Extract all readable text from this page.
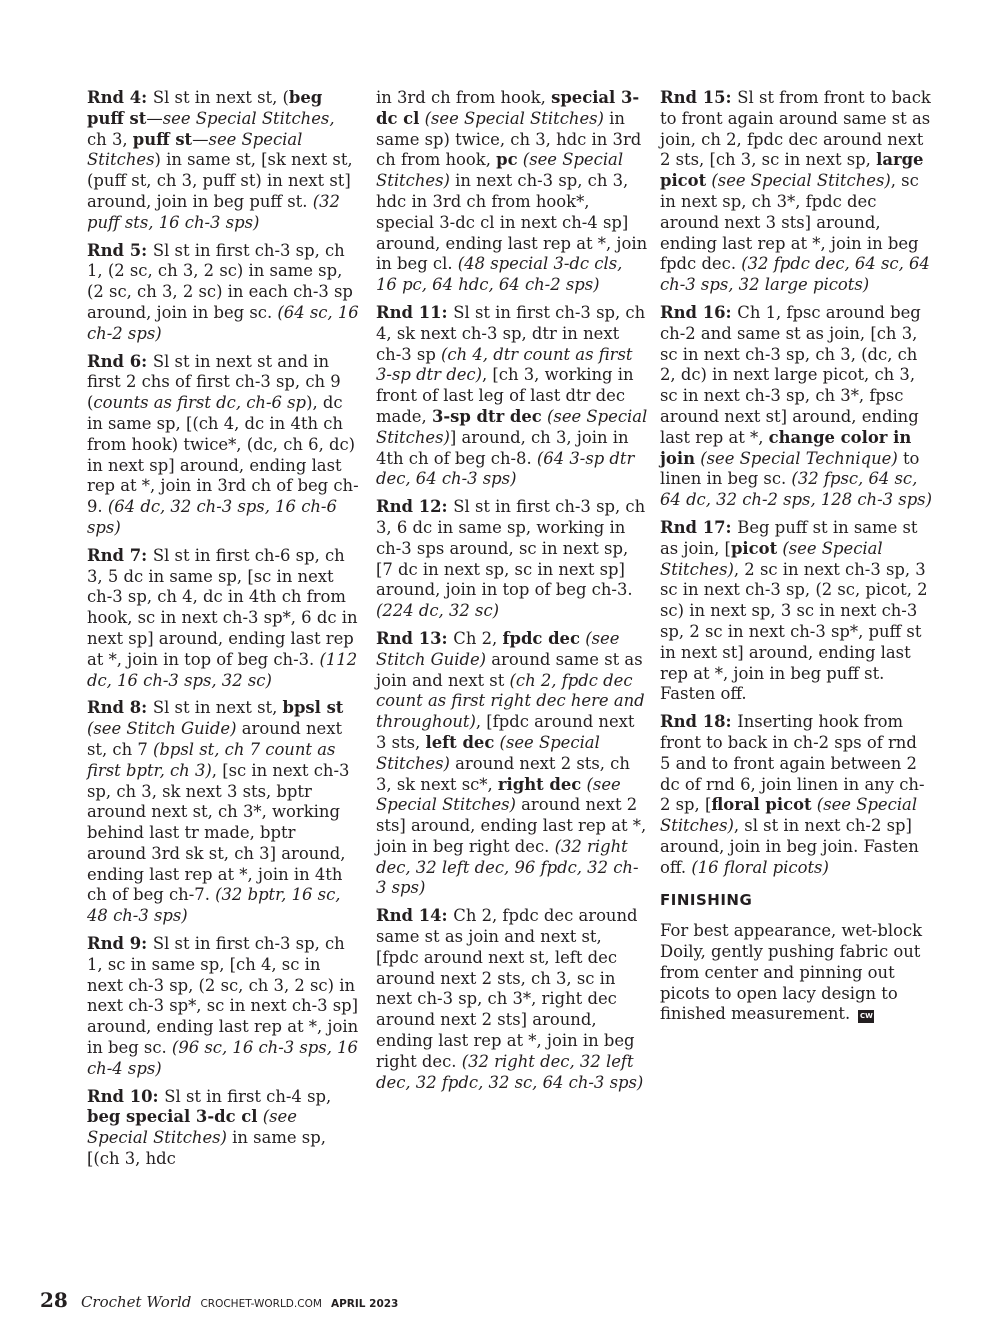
Rnd 4: Sl st in next st, (beg puff st—see Special Stitches, ch 3, puff st—see Special Stitches) in same st, [sk next st, (puff st, ch 3, puff st) in next st] around, join in beg puff st. (32 puff sts, 16 ch-3 sps)

Rnd 5: Sl st in first ch-3 sp, ch 1, (2 sc, ch 3, 2 sc) in same sp, (2 sc, ch 3, 2 sc) in each ch-3 sp around, join in beg sc. (64 sc, 16 ch-2 sps)

Rnd 6: Sl st in next st and in first 2 chs of first ch-3 sp, ch 9 (counts as first dc, ch-6 sp), dc in same sp, [(ch 4, dc in 4th ch from hook) twice*, (dc, ch 6, dc) in next sp] around, ending last rep at *, join in 3rd ch of beg ch-9. (64 dc, 32 ch-3 sps, 16 ch-6 sps)

Rnd 7: Sl st in first ch-6 sp, ch 3, 5 dc in same sp, [sc in next ch-3 sp, ch 4, dc in 4th ch from hook, sc in next ch-3 sp*, 6 dc in next sp] around, ending last rep at *, join in top of beg ch-3. (112 dc, 16 ch-3 sps, 32 sc)

Rnd 8: Sl st in next st, bpsl st (see Stitch Guide) around next st, ch 7 (bpsl st, ch 7 count as first bptr, ch 3), [sc in next ch-3 sp, ch 3, sk next 3 sts, bptr around next st, ch 3*, working behind last tr made, bptr around 3rd sk st, ch 3] around, ending last rep at *, join in 4th ch of beg ch-7. (32 bptr, 16 sc, 48 ch-3 sps)

Rnd 9: Sl st in first ch-3 sp, ch 1, sc in same sp, [ch 4, sc in next ch-3 sp, (2 sc, ch 3, 2 sc) in next ch-3 sp*, sc in next ch-3 sp] around, ending last rep at *, join in beg sc. (96 sc, 16 ch-3 sps, 16 ch-4 sps)

Rnd 10: Sl st in first ch-4 sp, beg special 3-dc cl (see Special Stitches) in same sp, [(ch 3, hdc

in 3rd ch from hook, special 3-dc cl (see Special Stitches) in same sp) twice, ch 3, hdc in 3rd ch from hook, pc (see Special Stitches) in next ch-3 sp, ch 3, hdc in 3rd ch from hook*, special 3-dc cl in next ch-4 sp] around, ending last rep at *, join in beg cl. (48 special 3-dc cls, 16 pc, 64 hdc, 64 ch-2 sps)

Rnd 11: Sl st in first ch-3 sp, ch 4, sk next ch-3 sp, dtr in next ch-3 sp (ch 4, dtr count as first 3-sp dtr dec), [ch 3, working in front of last leg of last dtr dec made, 3-sp dtr dec (see Special Stitches)] around, ch 3, join in 4th ch of beg ch-8. (64 3-sp dtr dec, 64 ch-3 sps)

Rnd 12: Sl st in first ch-3 sp, ch 3, 6 dc in same sp, working in ch-3 sps around, sc in next sp, [7 dc in next sp, sc in next sp] around, join in top of beg ch-3. (224 dc, 32 sc)

Rnd 13: Ch 2, fpdc dec (see Stitch Guide) around same st as join and next st (ch 2, fpdc dec count as first right dec here and throughout), [fpdc around next 3 sts, left dec (see Special Stitches) around next 2 sts, ch 3, sk next sc*, right dec (see Special Stitches) around next 2 sts] around, ending last rep at *, join in beg right dec. (32 right dec, 32 left dec, 96 fpdc, 32 ch-3 sps)

Rnd 14: Ch 2, fpdc dec around same st as join and next st, [fpdc around next st, left dec around next 2 sts, ch 3, sc in next ch-3 sp, ch 3*, right dec around next 2 sts] around, ending last rep at *, join in beg right dec. (32 right dec, 32 left dec, 32 fpdc, 32 sc, 64 ch-3 sps)

Rnd 15: Sl st from front to back to front again around same st as join, ch 2, fpdc dec around next 2 sts, [ch 3, sc in next sp, large picot (see Special Stitches), sc in next sp, ch 3*, fpdc dec around next 3 sts] around, ending last rep at *, join in beg fpdc dec. (32 fpdc dec, 64 sc, 64 ch-3 sps, 32 large picots)

Rnd 16: Ch 1, fpsc around beg ch-2 and same st as join, [ch 3, sc in next ch-3 sp, ch 3, (dc, ch 2, dc) in next large picot, ch 3, sc in next ch-3 sp, ch 3*, fpsc around next st] around, ending last rep at *, change color in join (see Special Technique) to linen in beg sc. (32 fpsc, 64 sc, 64 dc, 32 ch-2 sps, 128 ch-3 sps)

Rnd 17: Beg puff st in same st as join, [picot (see Special Stitches), 2 sc in next ch-3 sp, 3 sc in next ch-3 sp, (2 sc, picot, 2 sc) in next sp, 3 sc in next ch-3 sp, 2 sc in next ch-3 sp*, puff st in next st] around, ending last rep at *, join in beg puff st. Fasten off.

Rnd 18: Inserting hook from front to back in ch-2 sps of rnd 5 and to front again between 2 dc of rnd 6, join linen in any ch-2 sp, [floral picot (see Special Stitches), sl st in next ch-2 sp] around, join in beg join. Fasten off. (16 floral picots)

FINISHING

For best appearance, wet-block Doily, gently pushing fabric out from center and pinning out picots to open lacy design to finished measurement. CW

28 Crochet World CROCHET-WORLD.COM APRIL 2023
